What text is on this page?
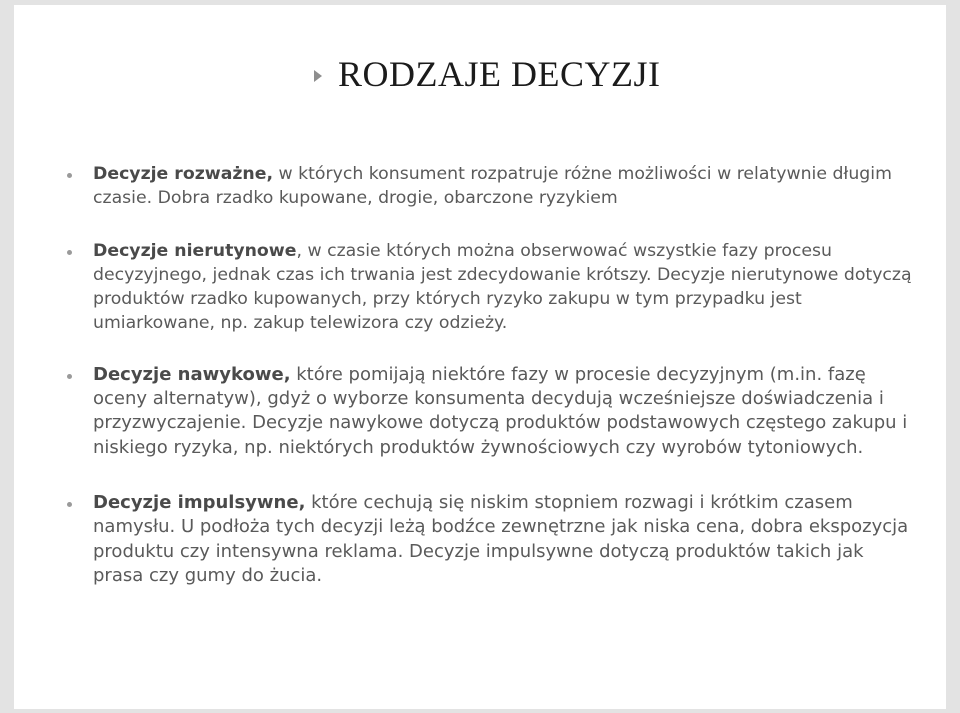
RODZAJE DECYZJI
Decyzje rozważne, w których konsument rozpatruje różne możliwości w relatywnie długim czasie. Dobra rzadko kupowane, drogie, obarczone ryzykiem
Decyzje nierutynowe, w czasie których można obserwować wszystkie fazy procesu decyzyjnego, jednak czas ich trwania jest zdecydowanie krótszy. Decyzje nierutynowe dotyczą produktów rzadko kupowanych, przy których ryzyko zakupu w tym przypadku jest umiarkowane, np. zakup telewizora czy odzieży.
Decyzje nawykowe, które pomijają niektóre fazy w procesie decyzyjnym (m.in. fazę oceny alternatyw), gdyż o wyborze konsumenta decydują wcześniejsze doświadczenia i przyzwyczajenie. Decyzje nawykowe dotyczą produktów podstawowych częstego zakupu i niskiego ryzyka, np. niektórych produktów żywnościowych czy wyrobów tytoniowych.
Decyzje impulsywne, które cechują się niskim stopniem rozwagi i krótkim czasem namysłu. U podłoża tych decyzji leżą bodźce zewnętrzne jak niska cena, dobra ekspozycja produktu czy intensywna reklama. Decyzje impulsywne dotyczą produktów takich jak prasa czy gumy do żucia.
